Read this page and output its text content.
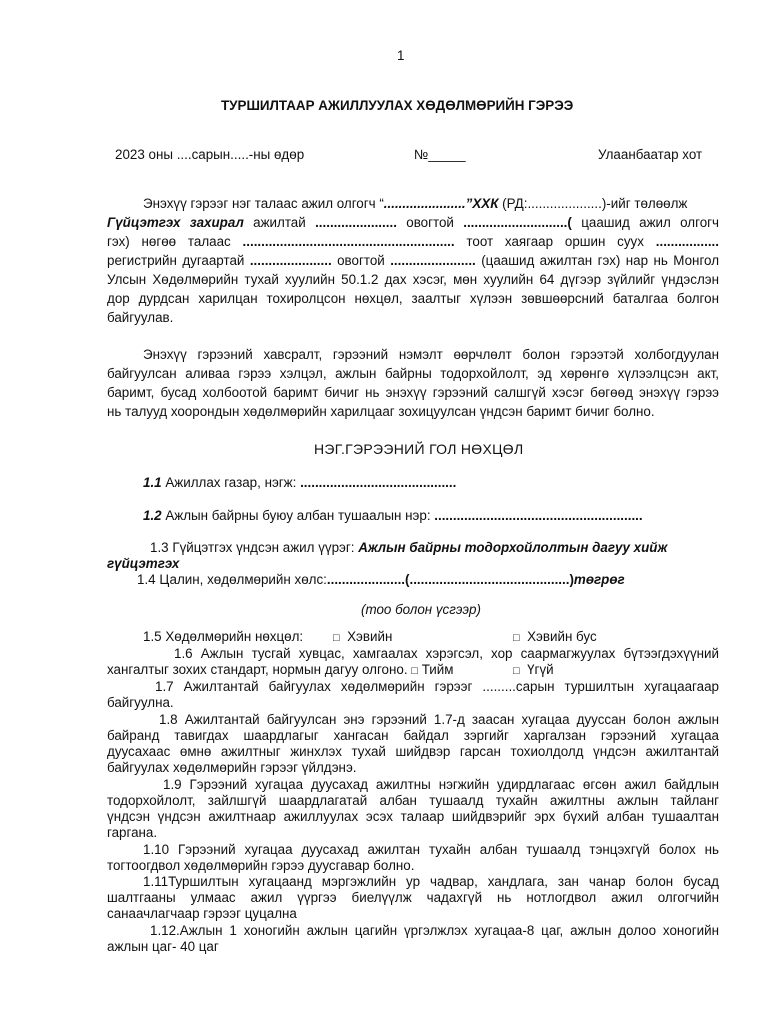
1
ТУРШИЛТААР АЖИЛЛУУЛАХ ХӨДӨЛМӨРИЙН ГЭРЭЭ
2023 оны ....сарын.....-ны өдөр	№_____	Улаанбаатар хот
Энэхүү гэрээг нэг талаас ажил олгогч “......................”ХХК (РД:....................)-ийг төлөөлж
Гүйцэтгэх захирал ажилтай ...................... овогтой ............................( цаашид ажил олгогч
гэх) нөгөө талаас ......................................................... тоот хаягаар оршин суух .................
регистрийн дугаартай ...................... овогтой ....................... (цаашид ажилтан гэх) нар нь Монгол
Улсын Хөдөлмөрийн тухай хуулийн 50.1.2 дах хэсэг, мөн хуулийн 64 дүгээр зүйлийг үндэслэн
дор дурдсан харилцан тохиролцсон нөхцөл, заалтыг хүлээн зөвшөөрсний баталгаа болгон
байгуулав.
Энэхүү гэрээний хавсралт, гэрээний нэмэлт өөрчлөлт болон гэрээтэй холбогдуулан
байгуулсан аливаа гэрээ хэлцэл, ажлын байрны тодорхойлолт, эд хөрөнгө хүлээлцсэн акт,
баримт, бусад холбоотой баримт бичиг нь энэхүү гэрээний салшгүй хэсэг бөгөөд энэхүү гэрээ
нь талууд хоорондын хөдөлмөрийн харилцааг зохицуулсан үндсэн баримт бичиг болно.
НЭГ.ГЭРЭЭНИЙ ГОЛ НӨХЦӨЛ
1.1 Ажиллах газар, нэгж: ..........................................
1.2 Ажлын байрны буюу албан тушаалын нэр: ........................................................
1.3 Гүйцэтгэх үндсэн ажил үүрэг: Ажлын байрны тодорхойлолтын дагуу хийж
гүйцэтгэх
1.4 Цалин, хөдөлмөрийн хөлс:.....................(...........................................)төгрөг
(тоо болон үсгээр)
1.5 Хөдөлмөрийн нөхцөл:	□ Хэвийн	□ Хэвийн бус
1.6 Ажлын тусгай хувцас, хамгаалах хэрэгсэл, хор саармагжуулах бүтээгдэхүүний
хангалтыг зохих стандарт, нормын дагуу олгоно. □ Тийм	□ Үгүй
1.7 Ажилтантай байгуулах хөдөлмөрийн гэрээг .........сарын туршилтын хугацаагаар
байгуулна.
1.8 Ажилтантай байгуулсан энэ гэрээний 1.7-д заасан хугацаа дууссан болон ажлын
байранд тавигдах шаардлагыг хангасан байдал зэргийг харгалзан гэрээний хугацаа
дуусахаас өмнө ажилтныг жинхлэх тухай шийдвэр гарсан тохиолдолд үндсэн ажилтантай
байгуулах хөдөлмөрийн гэрээг үйлдэнэ.
1.9 Гэрээний хугацаа дуусахад ажилтны нэгжийн удирдлагаас өгсөн ажил байдлын
тодорхойлолт, зайлшгүй шаардлагатай албан тушаалд тухайн ажилтны ажлын тайланг
үндсэн үндсэн ажилтнаар ажиллуулах эсэх талаар шийдвэрийг эрх бүхий албан тушаалтан
гаргана.
1.10 Гэрээний хугацаа дуусахад ажилтан тухайн албан тушаалд тэнцэхгүй болох нь
тогтоогдвол хөдөлмөрийн гэрээ дуусгавар болно.
1.11Туршилтын хугацаанд мэргэжлийн ур чадвар, хандлага, зан чанар болон бусад
шалтгааны улмаас ажил үүргээ биелүүлж чадахгүй нь нотлогдвол ажил олгогчийн
санаачлагчаар гэрээг цуцална
1.12.Ажлын 1 хоногийн ажлын цагийн үргэлжлэх хугацаа-8 цаг, ажлын долоо хоногийн
ажлын цаг- 40 цаг
